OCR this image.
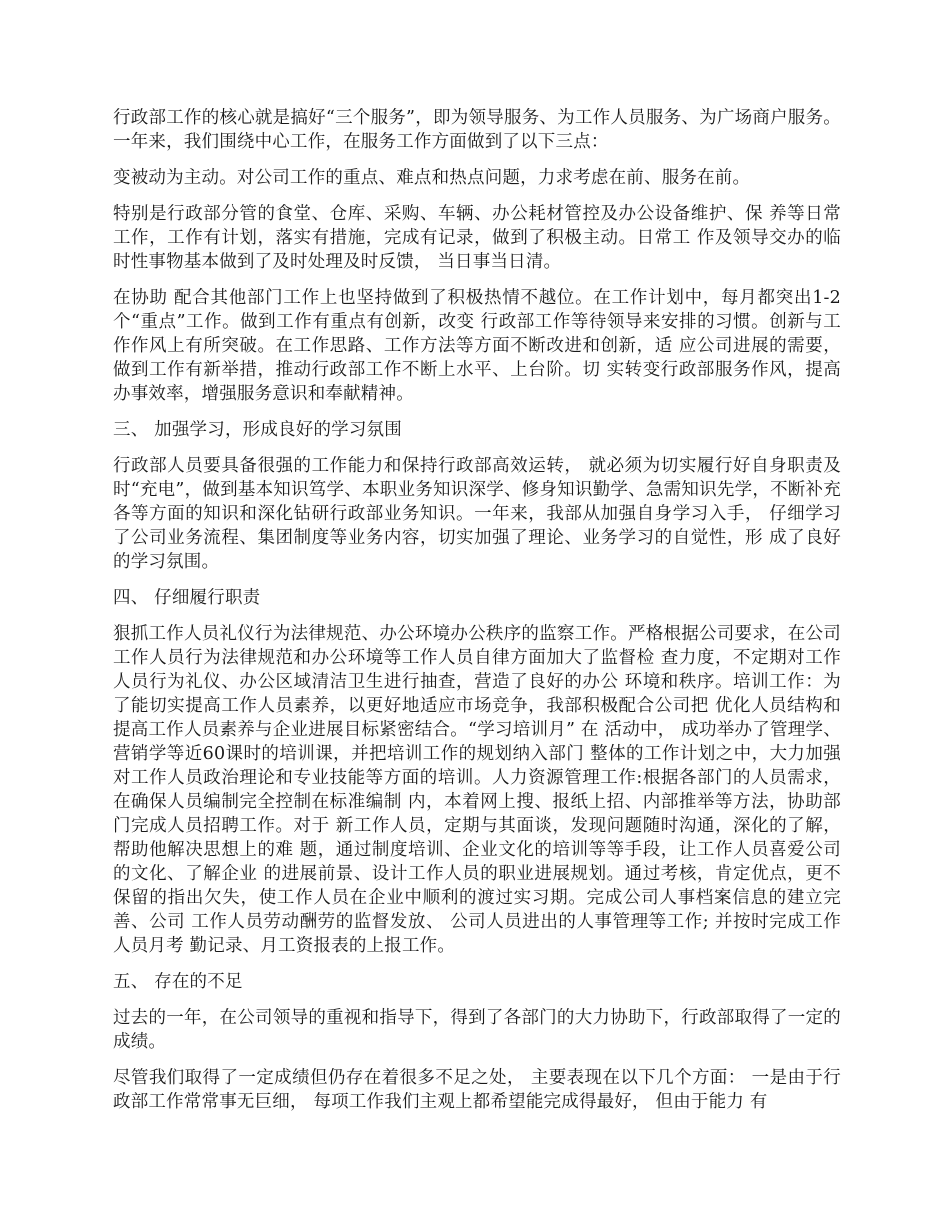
行政部工作的核心就是搞好“三个服务”，即为领导服务、为工作人员服务、为广场商户服务。一年来，我们围绕中心工作，在服务工作方面做到了以下三点：

变被动为主动。对公司工作的重点、难点和热点问题，力求考虑在前、服务在前。

特别是行政部分管的食堂、仓库、采购、车辆、办公耗材管控及办公设备维护、保 养等日常工作，工作有计划，落实有措施，完成有记录，做到了积极主动。日常工 作及领导交办的临时性事物基本做到了及时处理及时反馈， 当日事当日清。

在协助 配合其他部门工作上也坚持做到了积极热情不越位。在工作计划中，每月都突出1-2个“重点”工作。做到工作有重点有创新，改变 行政部工作等待领导来安排的习惯。创新与工作作风上有所突破。在工作思路、工作方法等方面不断改进和创新，适 应公司进展的需要，做到工作有新举措，推动行政部工作不断上水平、上台阶。切 实转变行政部服务作风，提高办事效率，增强服务意识和奉献精神。

三、 加强学习，形成良好的学习氛围

行政部人员要具备很强的工作能力和保持行政部高效运转， 就必须为切实履行好自身职责及时“充电”，做到基本知识笃学、本职业务知识深学、修身知识勤学、急需知识先学，不断补充各等方面的知识和深化钻研行政部业务知识。一年来，我部从加强自身学习入手， 仔细学习了公司业务流程、集团制度等业务内容，切实加强了理论、业务学习的自觉性，形 成了良好的学习氛围。

四、 仔细履行职责

狠抓工作人员礼仪行为法律规范、办公环境办公秩序的监察工作。严格根据公司要求，在公司工作人员行为法律规范和办公环境等工作人员自律方面加大了监督检 查力度，不定期对工作人员行为礼仪、办公区域清洁卫生进行抽查，营造了良好的办公 环境和秩序。培训工作：为了能切实提高工作人员素养，以更好地适应市场竞争，我部积极配合公司把 优化人员结构和提高工作人员素养与企业进展目标紧密结合。“学习培训月” 在 活动中， 成功举办了管理学、营销学等近60课时的培训课，并把培训工作的规划纳入部门 整体的工作计划之中，大力加强对工作人员政治理论和专业技能等方面的培训。人力资源管理工作:根据各部门的人员需求，在确保人员编制完全控制在标准编制 内，本着网上搜、报纸上招、内部推举等方法，协助部门完成人员招聘工作。对于 新工作人员，定期与其面谈，发现问题随时沟通，深化的了解，帮助他解决思想上的难 题，通过制度培训、企业文化的培训等等手段，让工作人员喜爱公司的文化、了解企业 的进展前景、设计工作人员的职业进展规划。通过考核，肯定优点，更不保留的指出欠失，使工作人员在企业中顺利的渡过实习期。完成公司人事档案信息的建立完善、公司 工作人员劳动酬劳的监督发放、 公司人员进出的人事管理等工作; 并按时完成工作人员月考 勤记录、月工资报表的上报工作。

五、 存在的不足

过去的一年，在公司领导的重视和指导下，得到了各部门的大力协助下，行政部取得了一定的成绩。

尽管我们取得了一定成绩但仍存在着很多不足之处， 主要表现在以下几个方面： 一是由于行政部工作常常事无巨细， 每项工作我们主观上都希望能完成得最好， 但由于能力 有
